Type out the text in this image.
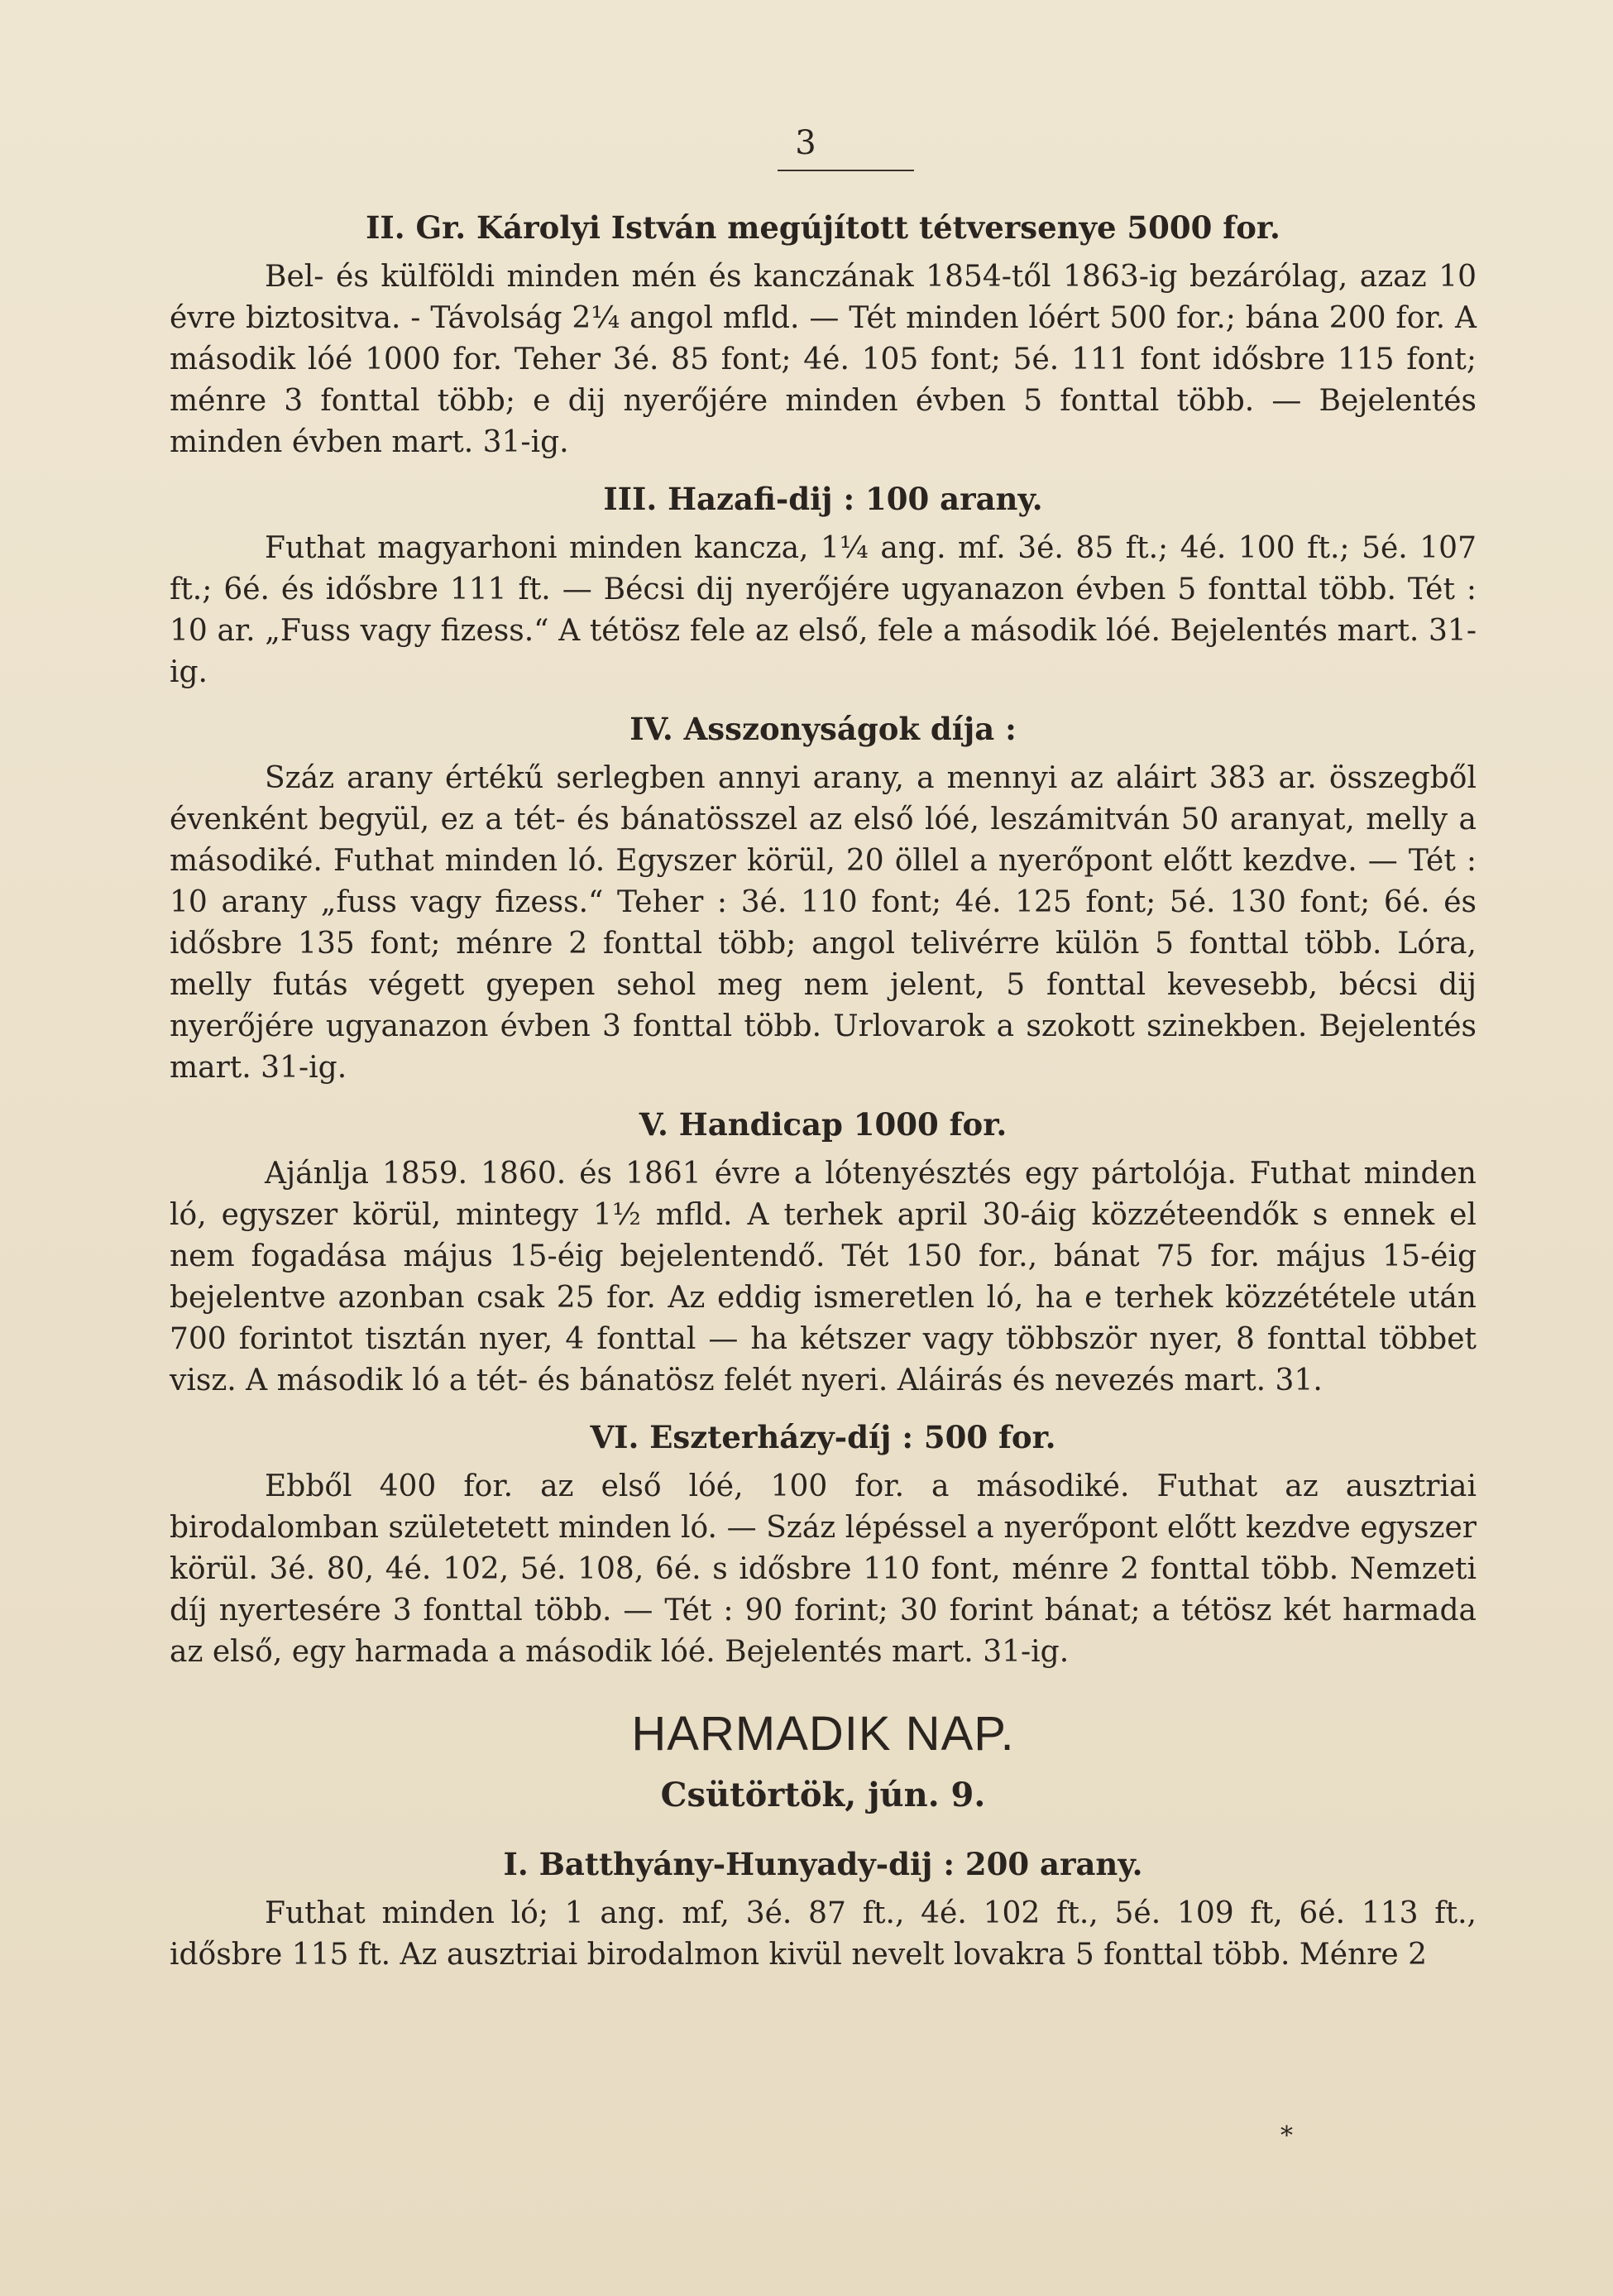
3
II. Gr. Károlyi István megújított tétversenye 5000 for.

Bel- és külföldi minden mén és kanczának 1854-től 1863-ig bezárólag, azaz 10 évre biztositva. - Távolság 2¼ angol mfld. — Tét minden lóért 500 for.; bána 200 for. A második lóé 1000 for. Teher 3é. 85 font; 4é. 105 font; 5é. 111 font idősbre 115 font; ménre 3 fonttal több; e dij nyerőjére minden évben 5 fonttal több. — Bejelentés minden évben mart. 31-ig.

III. Hazafi-dij : 100 arany.

Futhat magyarhoni minden kancza, 1¼ ang. mf. 3é. 85 ft.; 4é. 100 ft.; 5é. 107 ft.; 6é. és idősbre 111 ft. — Bécsi dij nyerőjére ugyanazon évben 5 fonttal több. Tét : 10 ar. „Fuss vagy fizess.“ A tétösz fele az első, fele a második lóé. Bejelentés mart. 31-ig.

IV. Asszonyságok díja :

Száz arany értékű serlegben annyi arany, a mennyi az aláirt 383 ar. összegből évenként begyül, ez a tét- és bánatösszel az első lóé, leszámitván 50 aranyat, melly a másodiké. Futhat minden ló. Egyszer körül, 20 öllel a nyerőpont előtt kezdve. — Tét : 10 arany „fuss vagy fizess.“ Teher : 3é. 110 font; 4é. 125 font; 5é. 130 font; 6é. és idősbre 135 font; ménre 2 fonttal több; angol telivérre külön 5 fonttal több. Lóra, melly futás végett gyepen sehol meg nem jelent, 5 fonttal kevesebb, bécsi dij nyerőjére ugyanazon évben 3 fonttal több. Urlovarok a szokott szinekben. Bejelentés mart. 31-ig.

V. Handicap 1000 for.

Ajánlja 1859. 1860. és 1861 évre a lótenyésztés egy pártolója. Futhat minden ló, egyszer körül, mintegy 1½ mfld. A terhek april 30-áig közzéteendők s ennek el nem fogadása május 15-éig bejelentendő. Tét 150 for., bánat 75 for. május 15-éig bejelentve azonban csak 25 for. Az eddig ismeretlen ló, ha e terhek közzététele után 700 forintot tisztán nyer, 4 fonttal — ha kétszer vagy többször nyer, 8 fonttal többet visz. A második ló a tét- és bánatösz felét nyeri. Aláirás és nevezés mart. 31.

VI. Eszterházy-díj : 500 for.

Ebből 400 for. az első lóé, 100 for. a másodiké. Futhat az ausztriai birodalomban születetett minden ló. — Száz lépéssel a nyerőpont előtt kezdve egyszer körül. 3é. 80, 4é. 102, 5é. 108, 6é. s idősbre 110 font, ménre 2 fonttal több. Nemzeti díj nyertesére 3 fonttal több. — Tét : 90 forint; 30 forint bánat; a tétösz két harmada az első, egy harmada a második lóé. Bejelentés mart. 31-ig.

HARMADIK NAP.
Csütörtök, jún. 9.
I. Batthyány-Hunyady-dij : 200 arany.

Futhat minden ló; 1 ang. mf, 3é. 87 ft., 4é. 102 ft., 5é. 109 ft, 6é. 113 ft., idősbre 115 ft. Az ausztriai birodalmon kivül nevelt lovakra 5 fonttal több. Ménre 2

*
